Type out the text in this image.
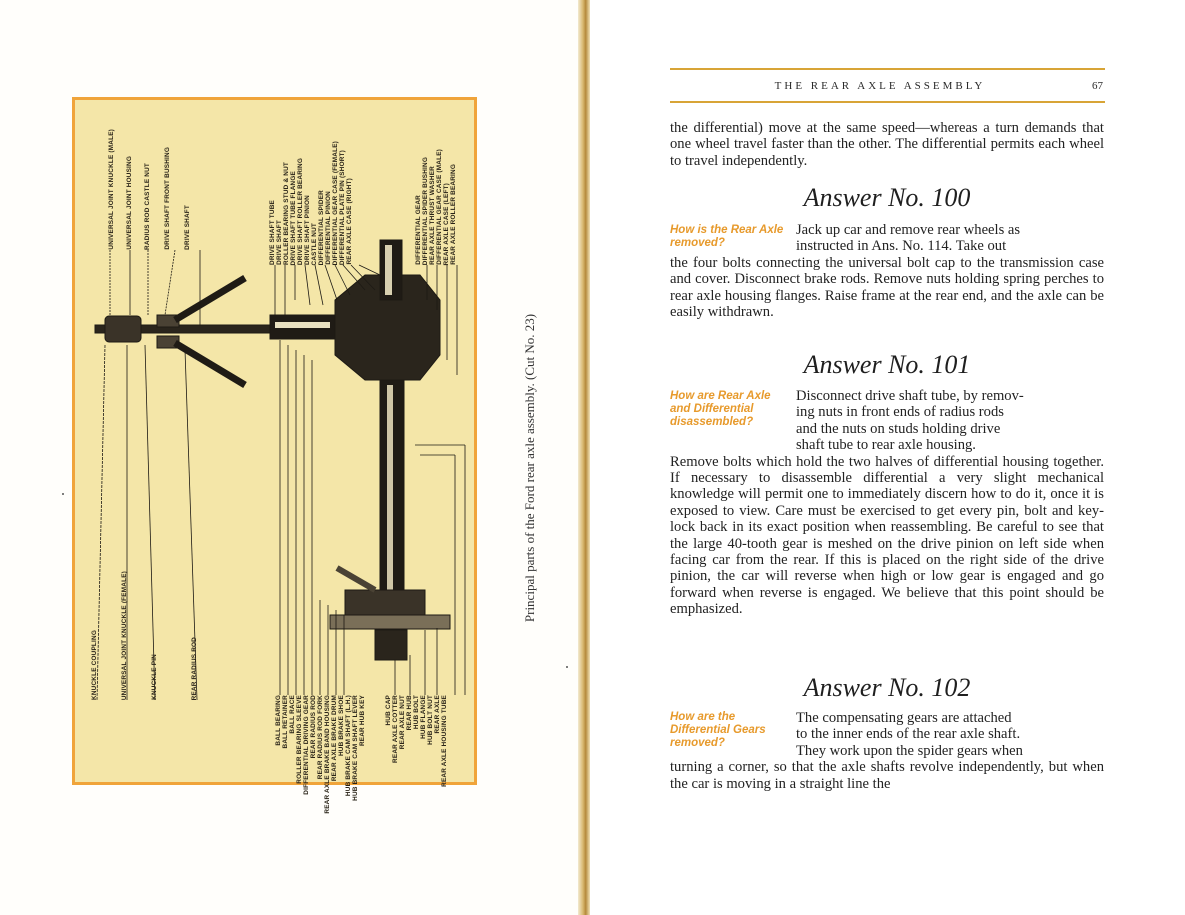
UNIVERSAL JOINT KNUCKLE (MALE)	UNIVERSAL JOINT HOUSING	RADIUS ROD CASTLE NUT	DRIVE SHAFT FRONT BUSHING	DRIVE SHAFT
KNUCKLE COUPLING	UNIVERSAL JOINT KNUCKLE (FEMALE)	KNUCKLE PIN	REAR RADIUS ROD
DRIVE SHAFT TUBE DRIVE SHAFT ROLLER BEARING STUD & NUT DRIVE SHAFT TUBE FLANGE DRIVE SHAFT ROLLER BEARING DRIVE SHAFT PINION CASTLE NUT DIFFERENTIAL SPIDER DIFFERENTIAL PINION DIFFERENTIAL GEAR CASE (FEMALE) DIFFERENTIAL PLATE PIN (SHORT) REAR AXLE CASE (RIGHT)	DIFFERENTIAL GEAR DIFFERENTIAL SPIDER BUSHING REAR AXLE THRUST WASHER DIFFERENTIAL GEAR CASE (MALE) REAR AXLE CASE (LEFT) REAR AXLE ROLLER BEARING
BALL BEARING BALL RETAINER BALL RACE ROLLER BEARING SLEEVE DIFFERENTIAL DRIVING GEAR REAR RADIUS ROD REAR RADIUS ROD FORK REAR AXLE BRAKE BAND HOUSING REAR AXLE BRAKE DRUM HUB BRAKE SHOE HUB BRAKE CAM SHAFT (L.H.) HUB BRAKE CAM SHAFT LEVER REAR HUB KEY	HUB CAP REAR AXLE COTTER REAR AXLE NUT REAR HUB HUB BOLT HUB FLANGE HUB BOLT NUT REAR AXLE REAR AXLE HOUSING TUBE
Principal parts of the Ford rear axle assembly. (Cut No. 23)
THE REAR AXLE ASSEMBLY	67
the differential) move at the same speed—whereas a turn demands that one wheel travel faster than the other. The differential permits each wheel to travel independently.
Answer No. 100
How is the Rear Axle removed?
Jack up car and remove rear wheels as
instructed in Ans. No. 114. Take out
the four bolts connecting the universal bolt cap to the transmission case and cover. Disconnect brake rods. Remove nuts holding spring perches to rear axle housing flanges. Raise frame at the rear end, and the axle can be easily withdrawn.
Answer No. 101
How are Rear Axle and Differential disassembled?
Disconnect drive shaft tube, by remov-
ing nuts in front ends of radius rods
and the nuts on studs holding drive
shaft tube to rear axle housing.
Remove bolts which hold the two halves of differential housing together. If necessary to disassemble differential a very slight mechanical knowledge will permit one to immediately discern how to do it, once it is exposed to view. Care must be exercised to get every pin, bolt and key-lock back in its exact position when reassembling. Be careful to see that the large 40-tooth gear is meshed on the drive pinion on left side when facing car from the rear. If this is placed on the right side of the drive pinion, the car will reverse when high or low gear is engaged and go forward when reverse is engaged. We believe that this point should be emphasized.
Answer No. 102
How are the Differential Gears removed?
The compensating gears are attached
to the inner ends of the rear axle shaft.
They work upon the spider gears when
turning a corner, so that the axle shafts revolve independently, but when the car is moving in a straight line the
